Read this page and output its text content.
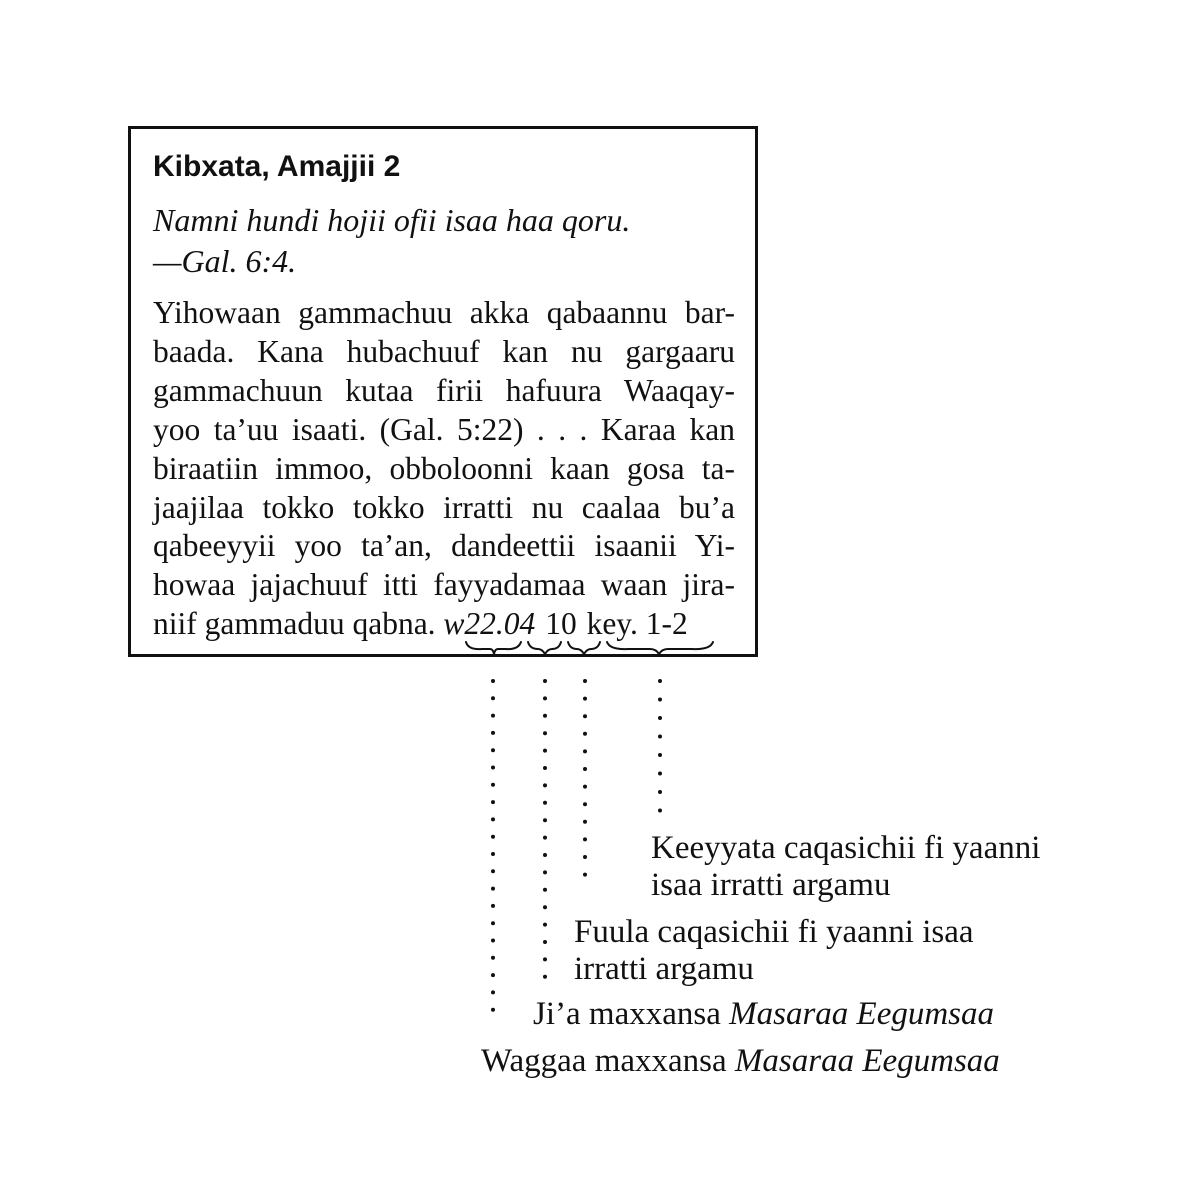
Kibxata, Amajjii 2
Namni hundi hojii ofii isaa haa qoru.
—Gal. 6:4.
Yihowaan gammachuu akka qabaannu bar-
baada. Kana hubachuuf kan nu gargaaru
gammachuun kutaa firii hafuura Waaqay-
yoo ta’uu isaati. (Gal. 5:22) . . . Karaa kan
biraatiin immoo, obboloonni kaan gosa ta-
jaajilaa tokko tokko irratti nu caalaa bu’a
qabeeyyii yoo ta’an, dandeettii isaanii Yi-
howaa jajachuuf itti fayyadamaa waan jira-
niif gammaduu qabna. w22.04 10 key. 1-2
Keeyyata caqasichii fi yaanni
isaa irratti argamu
Fuula caqasichii fi yaanni isaa
irratti argamu
Ji’a maxxansa Masaraa Eegumsaa
Waggaa maxxansa Masaraa Eegumsaa
